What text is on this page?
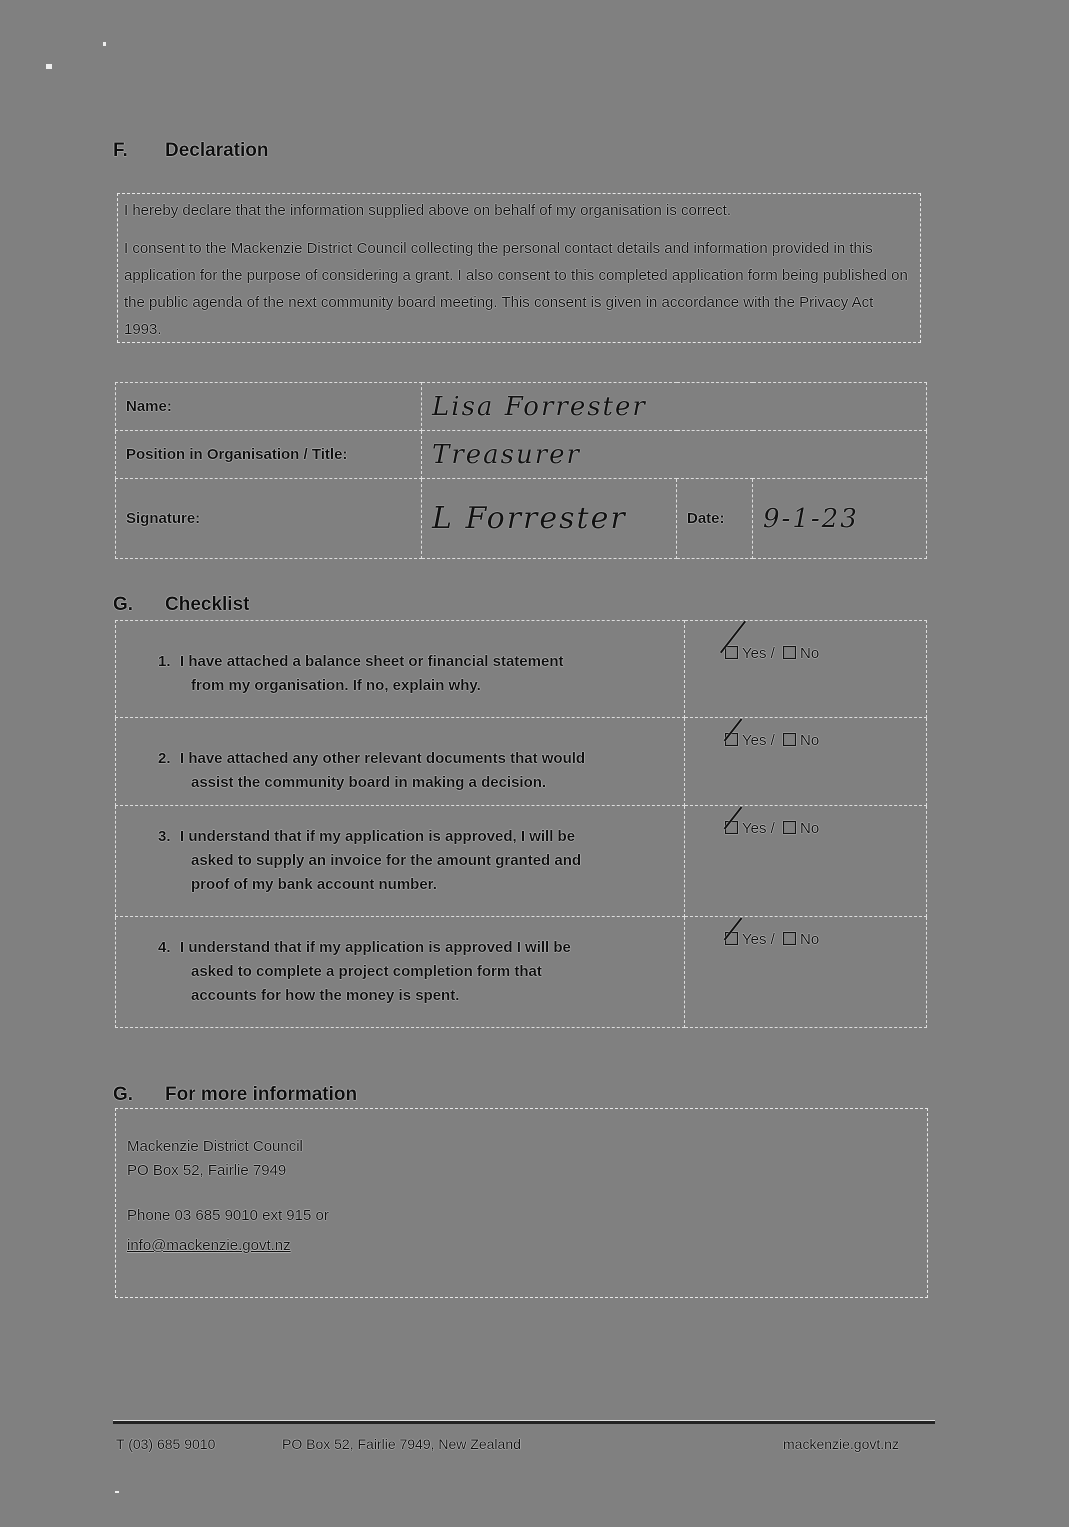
F. Declaration

I hereby declare that the information supplied above on behalf of my organisation is correct.

I consent to the Mackenzie District Council collecting the personal contact details and information provided in this application for the purpose of considering a grant. I also consent to this completed application form being published on the public agenda of the next community board meeting. This consent is given in accordance with the Privacy Act 1993.

Name:	Lisa Forrester		
Position in Organisation / Title:	Treasurer		
Signature:	L Forrester	Date:	9-1-23
G. Checklist
1. I have attached a balance sheet or financial statement
from my organisation. If no, explain why.	Yes / No
2. I have attached any other relevant documents that would
assist the community board in making a decision.	Yes / No
3. I understand that if my application is approved, I will be
asked to supply an invoice for the amount granted and
proof of my bank account number.	Yes / No
4. I understand that if my application is approved I will be
asked to complete a project completion form that
accounts for how the money is spent.	Yes / No
G. For more information

Mackenzie District Council

PO Box 52, Fairlie 7949

Phone 03 685 9010 ext 915 or

info@mackenzie.govt.nz

T (03) 685 9010	PO Box 52, Fairlie 7949, New Zealand	mackenzie.govt.nz
